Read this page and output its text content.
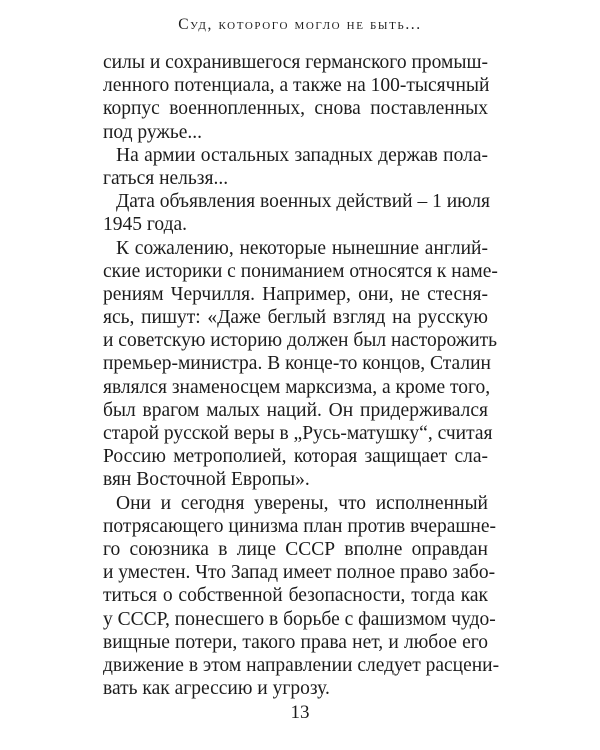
Суд, которого могло не быть...
силы и сохранившегося германского промыш-
ленного потенциала, а также на 100-тысячный
корпус военнопленных, снова поставленных
под ружье...
На армии остальных западных держав пола-
гаться нельзя...
Дата объявления военных действий – 1 июля
1945 года.
К сожалению, некоторые нынешние англий-
ские историки с пониманием относятся к наме-
рениям Черчилля. Например, они, не стесня-
ясь, пишут: «Даже беглый взгляд на русскую
и советскую историю должен был насторожить
премьер-министра. В конце-то концов, Сталин
являлся знаменосцем марксизма, а кроме того,
был врагом малых наций. Он придерживался
старой русской веры в „Русь-матушку“, считая
Россию метрополией, которая защищает сла-
вян Восточной Европы».
Они и сегодня уверены, что исполненный
потрясающего цинизма план против вчерашне-
го союзника в лице СССР вполне оправдан
и уместен. Что Запад имеет полное право забо-
титься о собственной безопасности, тогда как
у СССР, понесшего в борьбе с фашизмом чудо-
вищные потери, такого права нет, и любое его
движение в этом направлении следует расцени-
вать как агрессию и угрозу.
13
